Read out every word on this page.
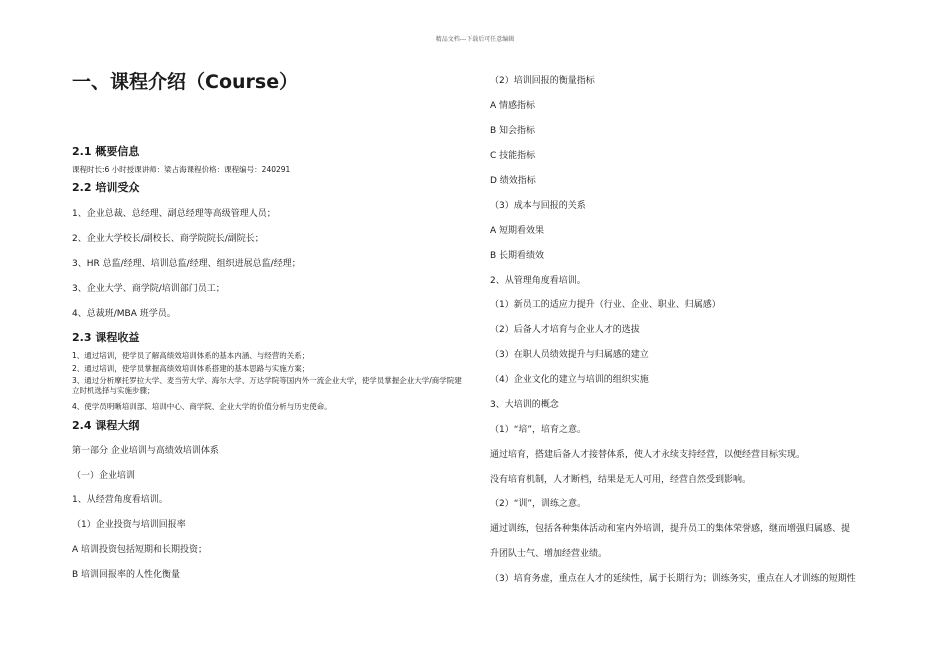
精品文档---下载后可任意编辑
一、课程介绍（Course）
2.1 概要信息
课程时长:6 小时授课讲师：梁占海课程价格：课程编号：240291
2.2 培训受众
1、企业总裁、总经理、副总经理等高级管理人员；
2、企业大学校长/副校长、商学院院长/副院长；
3、HR 总监/经理、培训总监/经理、组织进展总监/经理；
3、企业大学、商学院/培训部门员工；
4、总裁班/MBA 班学员。
2.3 课程收益
1、通过培训，使学员了解高绩效培训体系的基本内涵、与经营的关系；
2、通过培训，使学员掌握高绩效培训体系搭建的基本思路与实施方案；
3、通过分析摩托罗拉大学、麦当劳大学、海尔大学、万达学院等国内外一流企业大学，使学员掌握企业大学/商学院建立时机选择与实施步骤；
4、使学员明晰培训部、培训中心、商学院、企业大学的价值分析与历史使命。
2.4 课程大纲
第一部分 企业培训与高绩效培训体系
（一）企业培训
1、从经营角度看培训。
（1）企业投资与培训回报率
A 培训投资包括短期和长期投资；
B 培训回报率的人性化衡量
（2）培训回报的衡量指标
A 情感指标
B 知会指标
C 技能指标
D 绩效指标
（3）成本与回报的关系
A 短期看效果
B 长期看绩效
2、从管理角度看培训。
（1）新员工的适应力提升（行业、企业、职业、归属感）
（2）后备人才培育与企业人才的选拔
（3）在职人员绩效提升与归属感的建立
（4）企业文化的建立与培训的组织实施
3、大培训的概念
（1）“培”，培育之意。
通过培育，搭建后备人才接替体系，使人才永续支持经营，以便经营目标实现。
没有培育机制，人才断档，结果是无人可用，经营自然受到影响。
（2）“训”，训练之意。
通过训练，包括各种集体活动和室内外培训，提升员工的集体荣誉感，继而增强归属感、提
升团队士气、增加经营业绩。
（3）培育务虚，重点在人才的延续性，属于长期行为；训练务实，重点在人才训练的短期性
